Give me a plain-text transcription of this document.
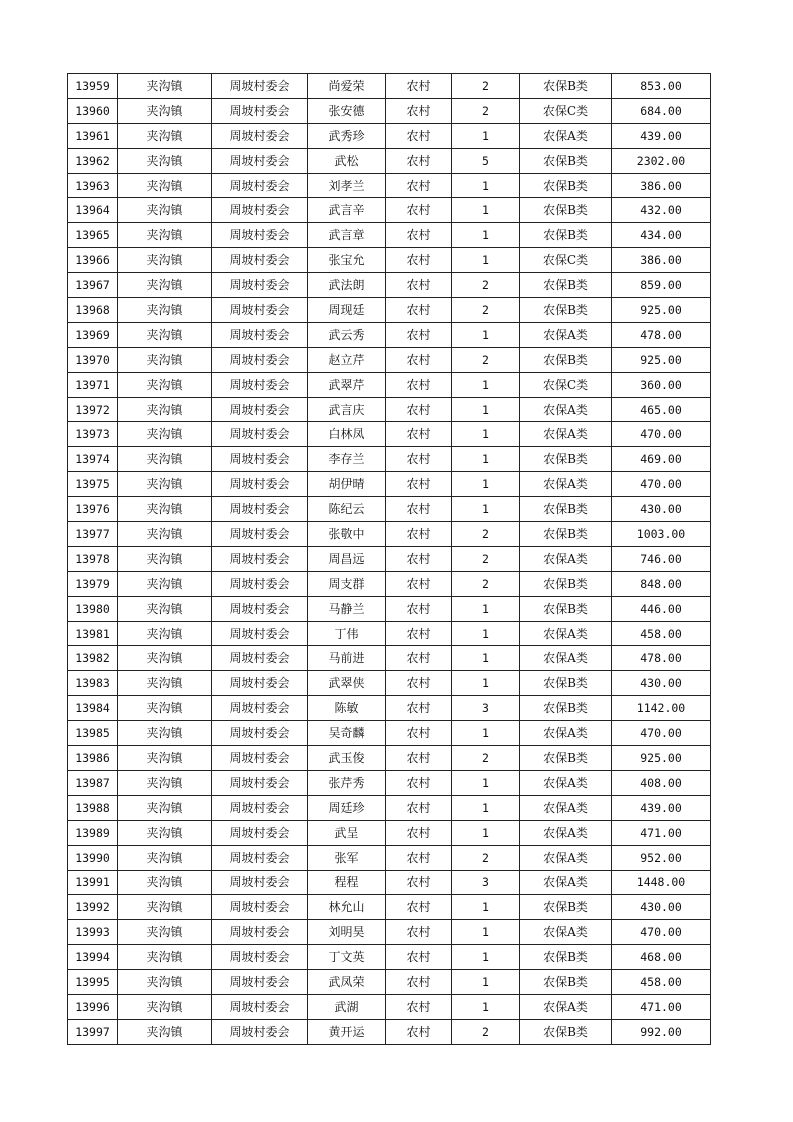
13959	夹沟镇	周坡村委会	尚爱荣	农村	2	农保B类	853.00
13960	夹沟镇	周坡村委会	张安德	农村	2	农保C类	684.00
13961	夹沟镇	周坡村委会	武秀珍	农村	1	农保A类	439.00
13962	夹沟镇	周坡村委会	武松	农村	5	农保B类	2302.00
13963	夹沟镇	周坡村委会	刘孝兰	农村	1	农保B类	386.00
13964	夹沟镇	周坡村委会	武言辛	农村	1	农保B类	432.00
13965	夹沟镇	周坡村委会	武言章	农村	1	农保B类	434.00
13966	夹沟镇	周坡村委会	张宝允	农村	1	农保C类	386.00
13967	夹沟镇	周坡村委会	武法朗	农村	2	农保B类	859.00
13968	夹沟镇	周坡村委会	周现廷	农村	2	农保B类	925.00
13969	夹沟镇	周坡村委会	武云秀	农村	1	农保A类	478.00
13970	夹沟镇	周坡村委会	赵立芹	农村	2	农保B类	925.00
13971	夹沟镇	周坡村委会	武翠芹	农村	1	农保C类	360.00
13972	夹沟镇	周坡村委会	武言庆	农村	1	农保A类	465.00
13973	夹沟镇	周坡村委会	白林凤	农村	1	农保A类	470.00
13974	夹沟镇	周坡村委会	李存兰	农村	1	农保B类	469.00
13975	夹沟镇	周坡村委会	胡伊晴	农村	1	农保A类	470.00
13976	夹沟镇	周坡村委会	陈纪云	农村	1	农保B类	430.00
13977	夹沟镇	周坡村委会	张敬中	农村	2	农保B类	1003.00
13978	夹沟镇	周坡村委会	周昌远	农村	2	农保A类	746.00
13979	夹沟镇	周坡村委会	周支群	农村	2	农保B类	848.00
13980	夹沟镇	周坡村委会	马静兰	农村	1	农保B类	446.00
13981	夹沟镇	周坡村委会	丁伟	农村	1	农保A类	458.00
13982	夹沟镇	周坡村委会	马前进	农村	1	农保A类	478.00
13983	夹沟镇	周坡村委会	武翠侠	农村	1	农保B类	430.00
13984	夹沟镇	周坡村委会	陈敏	农村	3	农保B类	1142.00
13985	夹沟镇	周坡村委会	吴奇麟	农村	1	农保A类	470.00
13986	夹沟镇	周坡村委会	武玉俊	农村	2	农保B类	925.00
13987	夹沟镇	周坡村委会	张芹秀	农村	1	农保A类	408.00
13988	夹沟镇	周坡村委会	周廷珍	农村	1	农保A类	439.00
13989	夹沟镇	周坡村委会	武呈	农村	1	农保A类	471.00
13990	夹沟镇	周坡村委会	张军	农村	2	农保A类	952.00
13991	夹沟镇	周坡村委会	程程	农村	3	农保A类	1448.00
13992	夹沟镇	周坡村委会	林允山	农村	1	农保B类	430.00
13993	夹沟镇	周坡村委会	刘明昊	农村	1	农保A类	470.00
13994	夹沟镇	周坡村委会	丁文英	农村	1	农保B类	468.00
13995	夹沟镇	周坡村委会	武凤荣	农村	1	农保B类	458.00
13996	夹沟镇	周坡村委会	武湖	农村	1	农保A类	471.00
13997	夹沟镇	周坡村委会	黄开运	农村	2	农保B类	992.00
